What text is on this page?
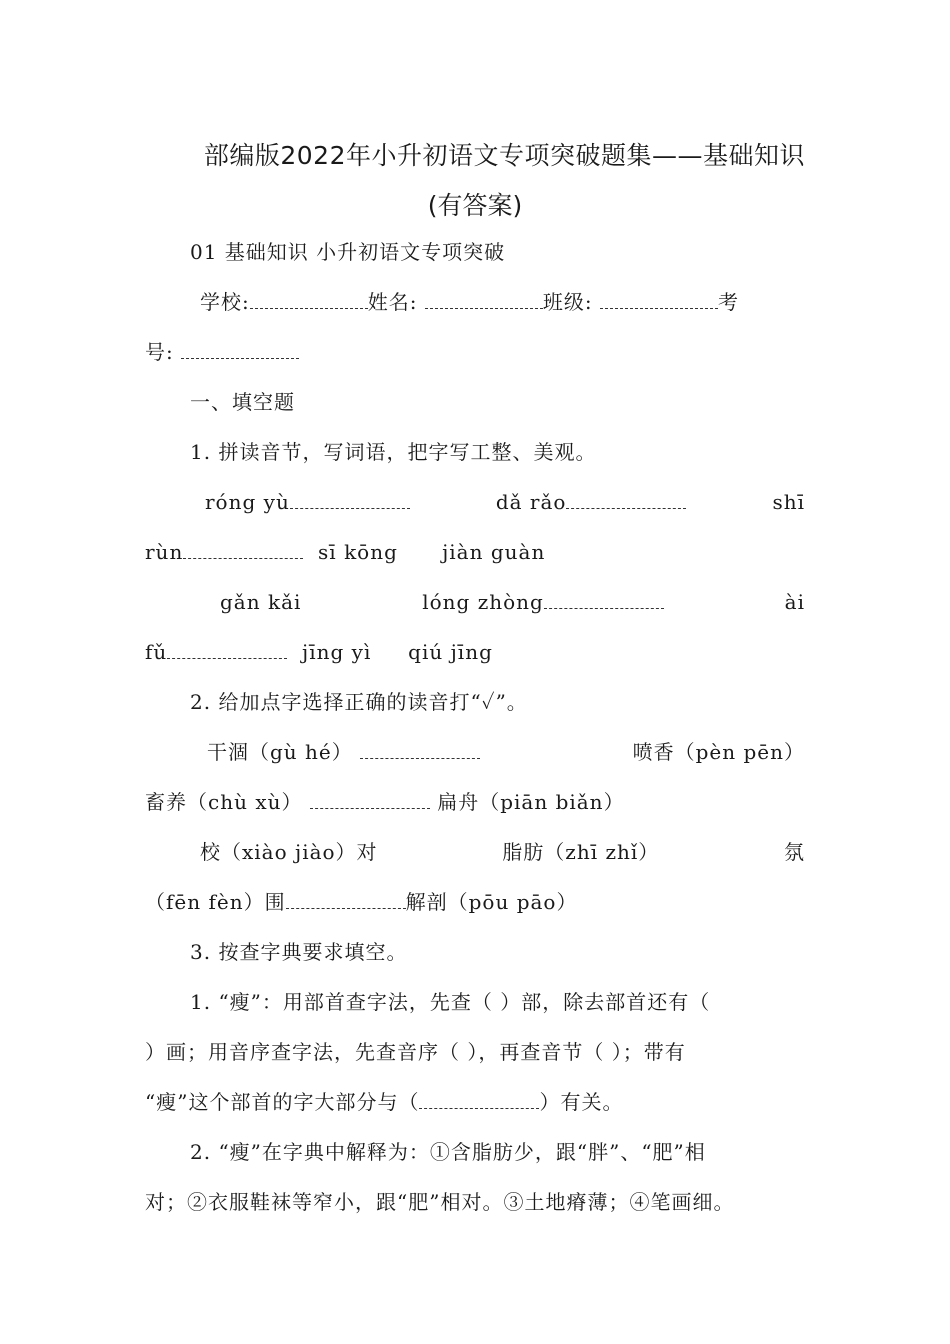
部编版2022年小升初语文专项突破题集——基础知识
(有答案)
01 基础知识 小升初语文专项突破
学校:	姓名:	班级:	考
号:
一、填空题
1. 拼读音节，写词语，把字写工整、美观。
róng yù	dǎ rǎo	shī
rùn	sī kōng jiàn guàn
gǎn kǎi	lóng zhòng	ài
fǔ	jīng yì qiú jīng
2. 给加点字选择正确的读音打“✓”。
干涸（gù hé）	喷香（pèn pēn）
畜养（chù xù）	扁舟（piān biǎn）
校（xiào jiào）对	脂肪（zhī zhǐ）	氛
（fēn fèn）围	解剖（pōu pāo）
3. 按查字典要求填空。
1. “瘦”：用部首查字法，先查（ ）部，除去部首还有（
）画；用音序查字法，先查音序（ ），再查音节（ ）；带有
“瘦”这个部首的字大部分与（	）有关。
2. “瘦”在字典中解释为：①含脂肪少，跟“胖”、“肥”相
对；②衣服鞋袜等窄小，跟“肥”相对。③土地瘠薄；④笔画细。
